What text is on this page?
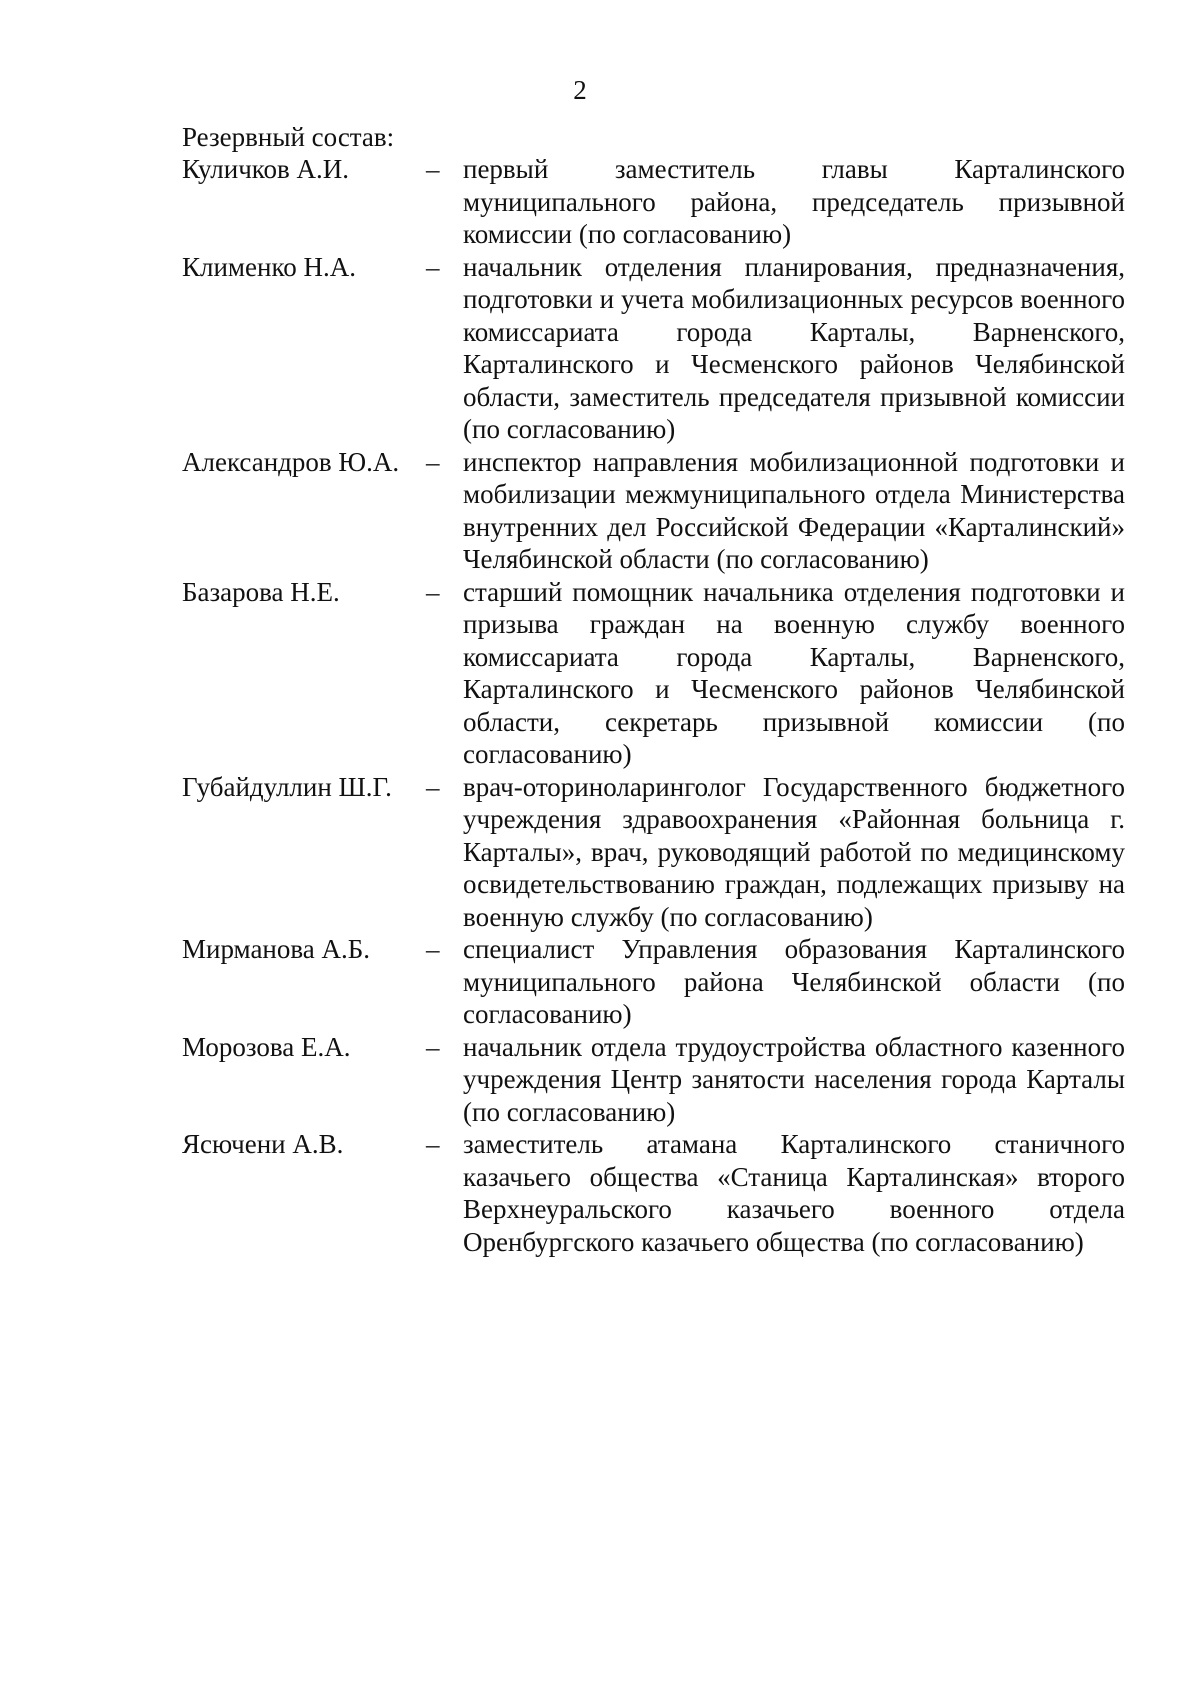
2
Резервный состав:
Куличков А.И.	– первый заместитель главы Карталинского муниципального района, председатель призывной комиссии (по согласованию)
Клименко Н.А.	– начальник отделения планирования, предназначения, подготовки и учета мобилизационных ресурсов военного комиссариата города Карталы, Варненского, Карталинского и Чесменского районов Челябинской области, заместитель председателя призывной комиссии (по согласованию)
Александров Ю.А. – инспектор направления мобилизационной подготовки и мобилизации межмуниципального отдела Министерства внутренних дел Российской Федерации «Карталинский» Челябинской области (по согласованию)
Базарова Н.Е.	– старший помощник начальника отделения подготовки и призыва граждан на военную службу военного комиссариата города Карталы, Варненского, Карталинского и Чесменского районов Челябинской области, секретарь призывной комиссии (по согласованию)
Губайдуллин Ш.Г.	– врач-оториноларинголог Государственного бюджетного учреждения здравоохранения «Районная больница г. Карталы», врач, руководящий работой по медицинскому освидетельствованию граждан, подлежащих призыву на военную службу (по согласованию)
Мирманова А.Б.	– специалист Управления образования Карталинского муниципального района Челябинской области (по согласованию)
Морозова Е.А.	– начальник отдела трудоустройства областного казенного учреждения Центр занятости населения города Карталы (по согласованию)
Ясючени А.В.	– заместитель атамана Карталинского станичного казачьего общества «Станица Карталинская» второго Верхнеуральского казачьего военного отдела Оренбургского казачьего общества (по согласованию)
